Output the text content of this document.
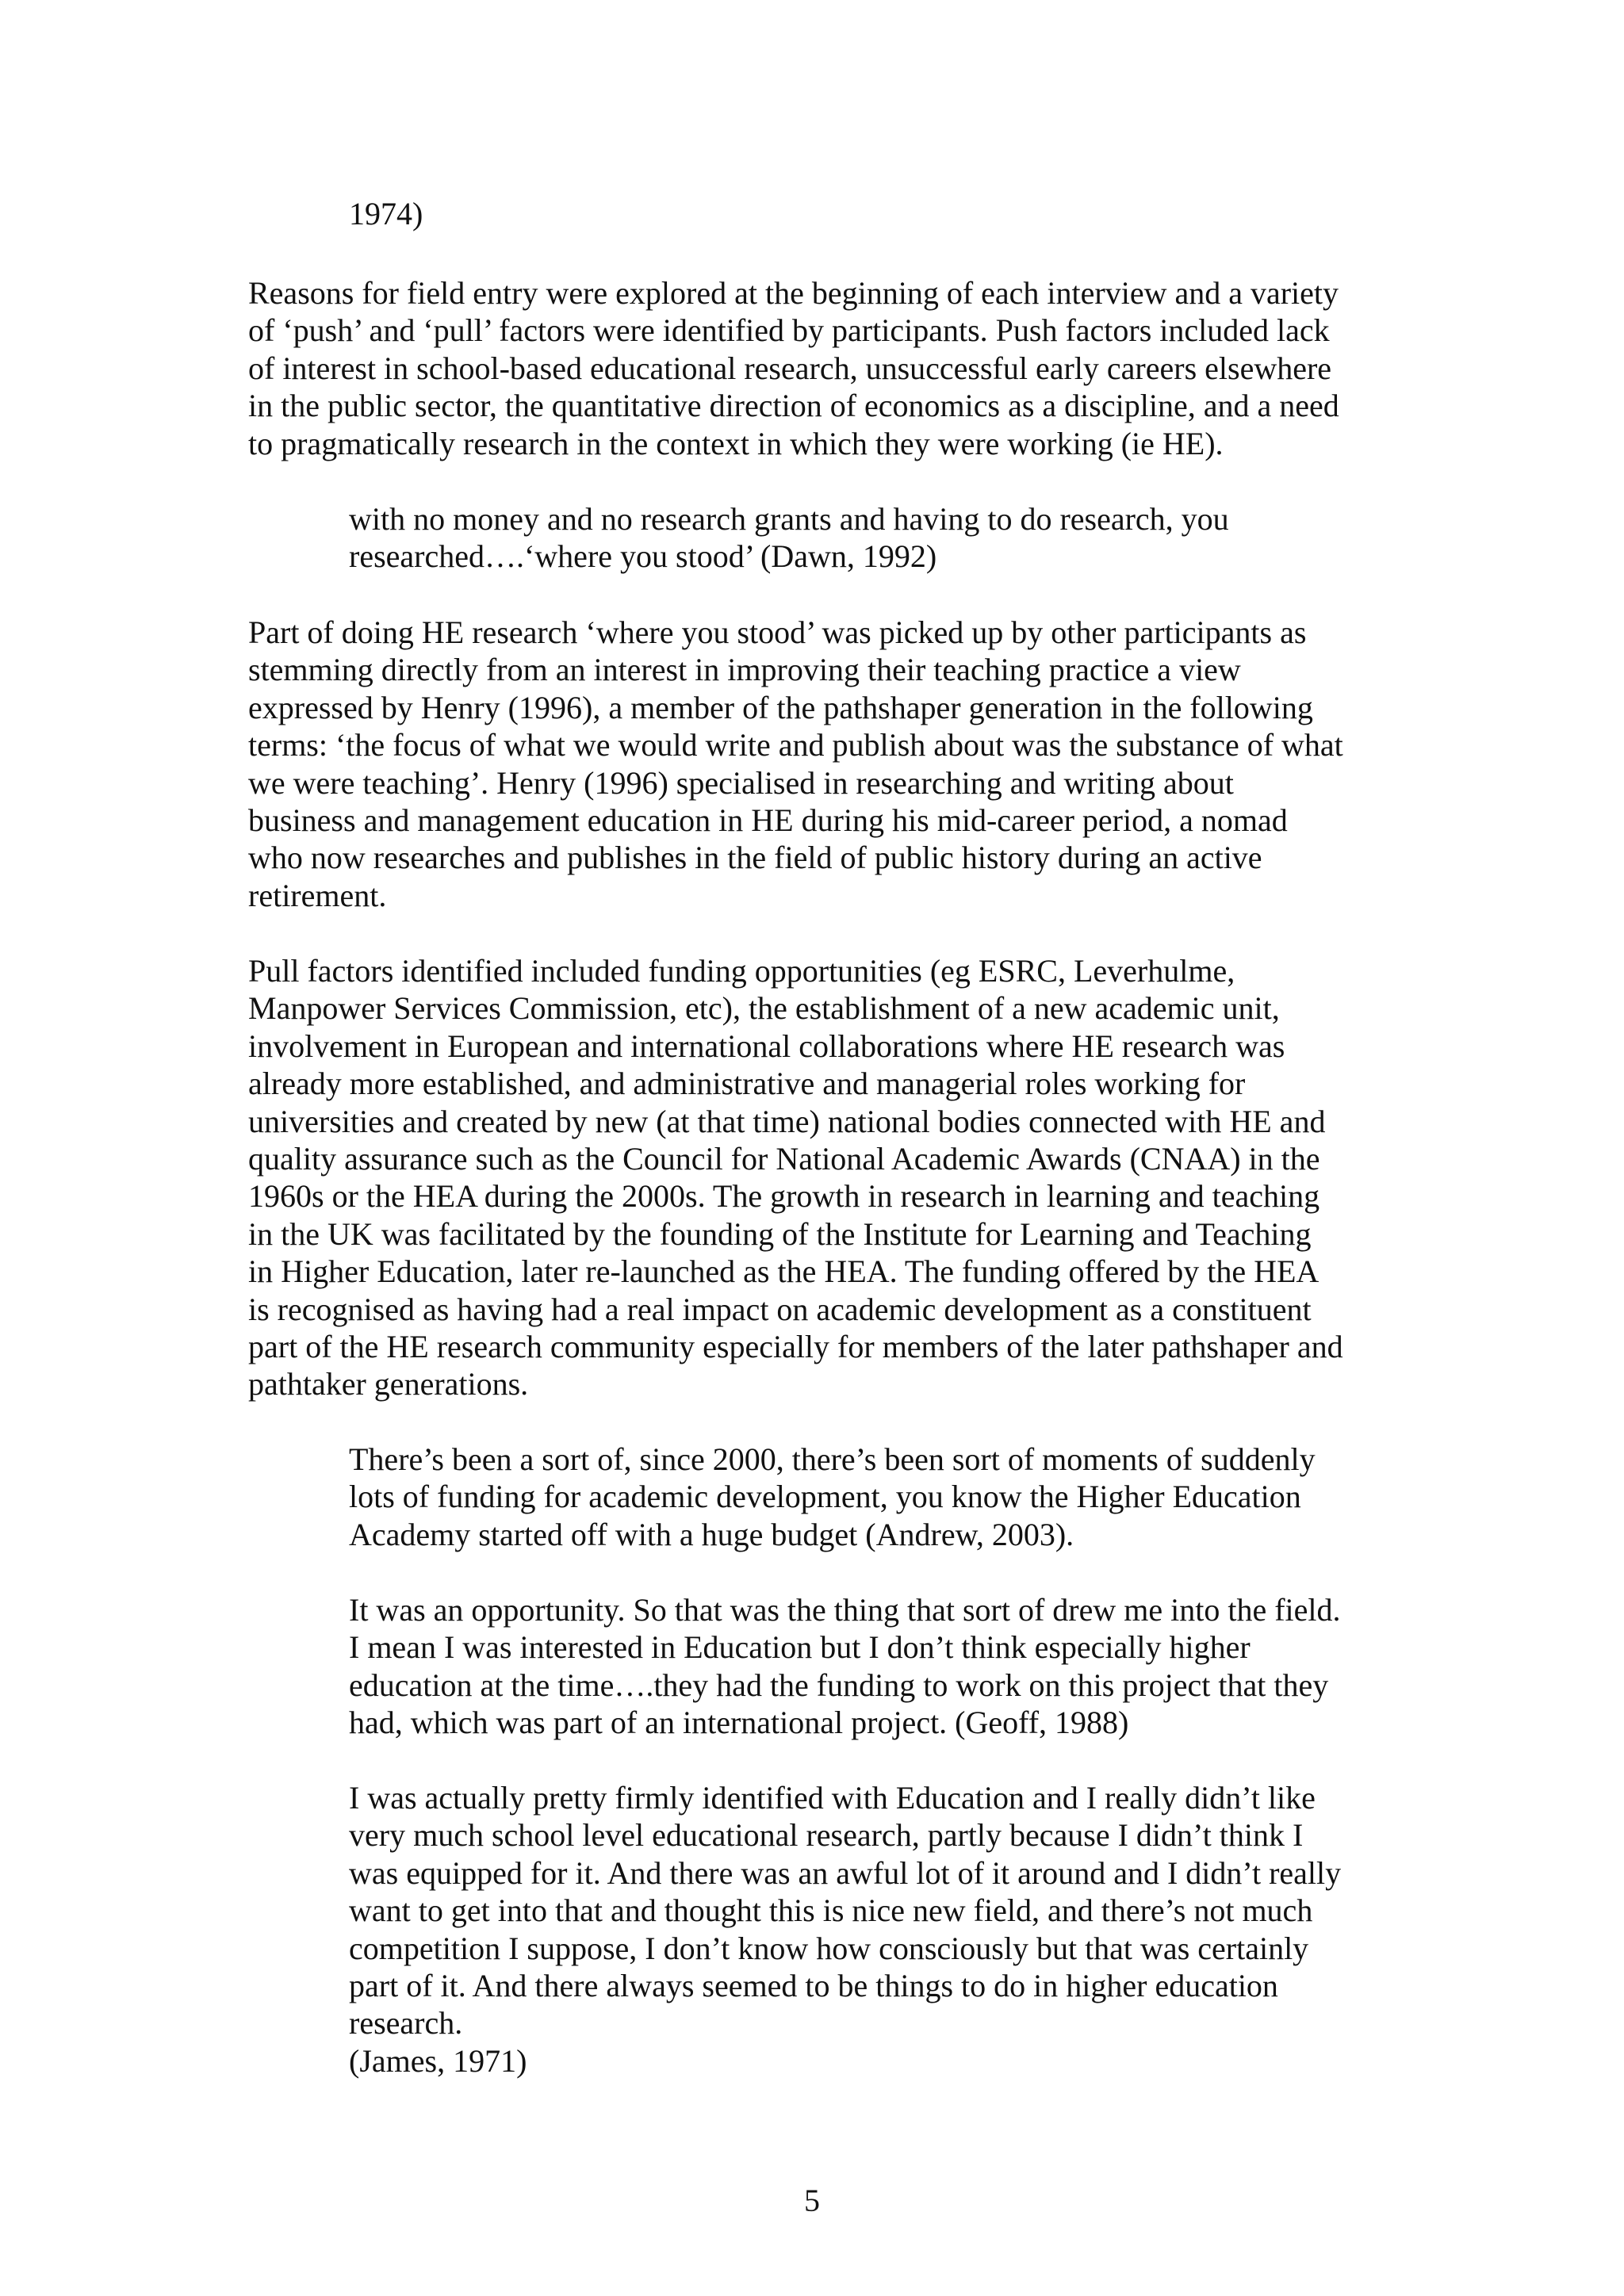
1974)

Reasons for field entry were explored at the beginning of each interview and a variety
of ‘push’ and ‘pull’ factors were identified by participants. Push factors included lack
of interest in school-based educational research, unsuccessful early careers elsewhere
in the public sector, the quantitative direction of economics as a discipline, and a need
to pragmatically research in the context in which they were working (ie HE).

with no money and no research grants and having to do research, you
researched….‘where you stood’ (Dawn, 1992)

Part of doing HE research ‘where you stood’ was picked up by other participants as
stemming directly from an interest in improving their teaching practice a view
expressed by Henry (1996), a member of the pathshaper generation in the following
terms: ‘the focus of what we would write and publish about was the substance of what
we were teaching’. Henry (1996) specialised in researching and writing about
business and management education in HE during his mid-career period, a nomad
who now researches and publishes in the field of public history during an active
retirement.

Pull factors identified included funding opportunities (eg ESRC, Leverhulme,
Manpower Services Commission, etc), the establishment of a new academic unit,
involvement in European and international collaborations where HE research was
already more established, and administrative and managerial roles working for
universities and created by new (at that time) national bodies connected with HE and
quality assurance such as the Council for National Academic Awards (CNAA) in the
1960s or the HEA during the 2000s. The growth in research in learning and teaching
in the UK was facilitated by the founding of the Institute for Learning and Teaching
in Higher Education, later re-launched as the HEA. The funding offered by the HEA
is recognised as having had a real impact on academic development as a constituent
part of the HE research community especially for members of the later pathshaper and
pathtaker generations.

There’s been a sort of, since 2000, there’s been sort of moments of suddenly
lots of funding for academic development, you know the Higher Education
Academy started off with a huge budget (Andrew, 2003).

It was an opportunity. So that was the thing that sort of drew me into the field.
I mean I was interested in Education but I don’t think especially higher
education at the time….they had the funding to work on this project that they
had, which was part of an international project. (Geoff, 1988)

I was actually pretty firmly identified with Education and I really didn’t like
very much school level educational research, partly because I didn’t think I
was equipped for it. And there was an awful lot of it around and I didn’t really
want to get into that and thought this is nice new field, and there’s not much
competition I suppose, I don’t know how consciously but that was certainly
part of it. And there always seemed to be things to do in higher education
research.
(James, 1971)

5
